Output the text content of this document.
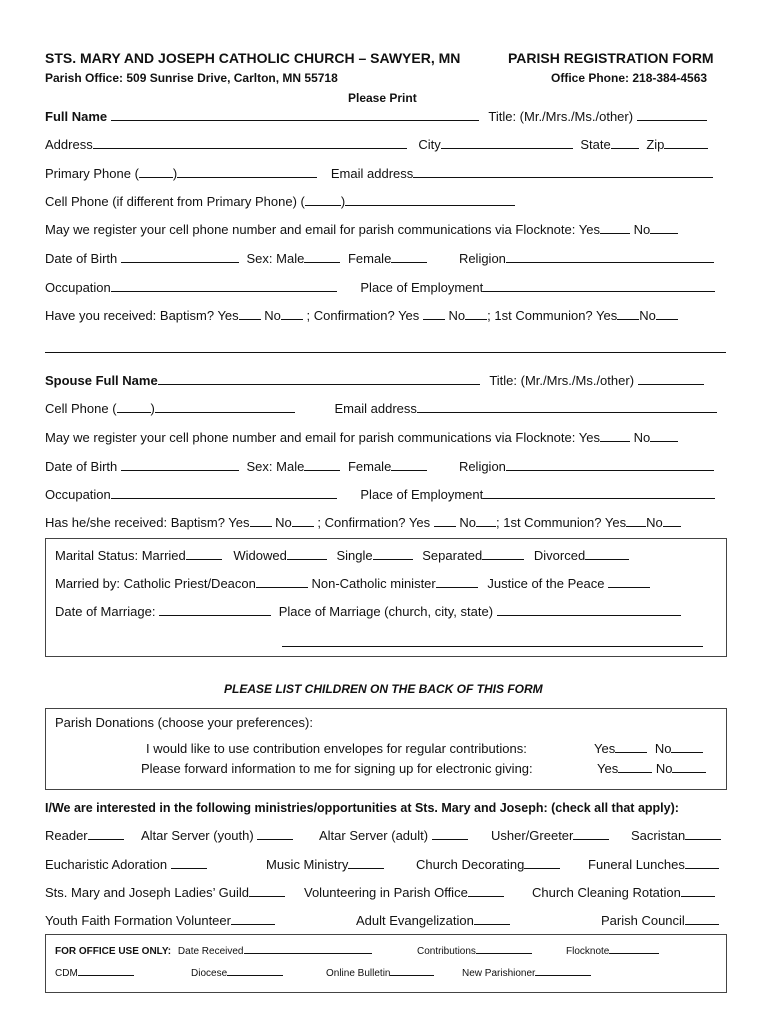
STS. MARY AND JOSEPH CATHOLIC CHURCH – SAWYER, MN	PARISH REGISTRATION FORM
Parish Office: 509 Sunrise Drive, Carlton, MN 55718	Office Phone: 218-384-4563
Please Print
Full Name	Title: (Mr./Mrs./Ms./other)
Address	City	State	Zip
Primary Phone (	)	Email address
Cell Phone (if different from Primary Phone) (	)
May we register your cell phone number and email for parish communications via Flocknote: Yes	No
Date of Birth	Sex: Male	Female	Religion
Occupation	Place of Employment
Have you received: Baptism? Yes No ; Confirmation? Yes No ; 1st Communion? Yes No
Spouse Full Name	Title: (Mr./Mrs./Ms./other)
Cell Phone (	)	Email address
May we register your cell phone number and email for parish communications via Flocknote: Yes	No
Date of Birth	Sex: Male	Female	Religion
Occupation	Place of Employment
Has he/she received: Baptism? Yes No ; Confirmation? Yes No ; 1st Communion? Yes No
Marital Status: Married	Widowed	Single	Separated	Divorced
Married by: Catholic Priest/Deacon	Non-Catholic minister	Justice of the Peace
Date of Marriage:	Place of Marriage (church, city, state)
PLEASE LIST CHILDREN ON THE BACK OF THIS FORM
Parish Donations (choose your preferences):
I would like to use contribution envelopes for regular contributions:	Yes	No
Please forward information to me for signing up for electronic giving:	Yes	No
I/We are interested in the following ministries/opportunities at Sts. Mary and Joseph: (check all that apply):
Reader	Altar Server (youth)	Altar Server (adult)	Usher/Greeter	Sacristan
Eucharistic Adoration	Music Ministry	Church Decorating	Funeral Lunches
Sts. Mary and Joseph Ladies’ Guild	Volunteering in Parish Office	Church Cleaning Rotation
Youth Faith Formation Volunteer	Adult Evangelization	Parish Council
FOR OFFICE USE ONLY: Date Received	Contributions	Flocknote
CDM	Diocese	Online Bulletin	New Parishioner
